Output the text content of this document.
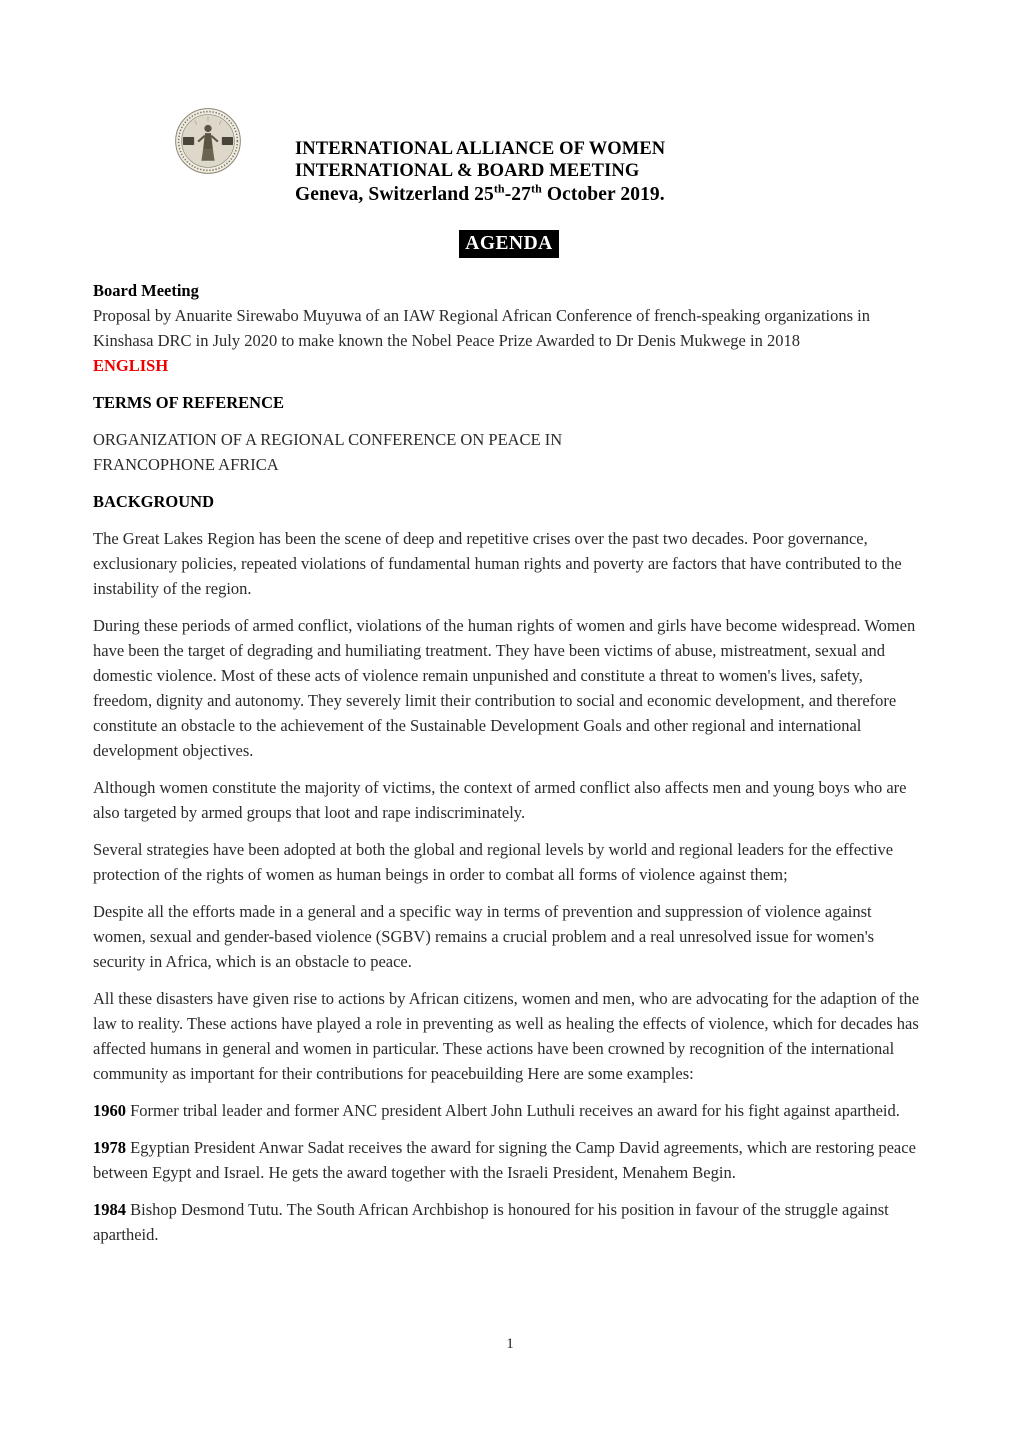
INTERNATIONAL ALLIANCE OF WOMEN
INTERNATIONAL & BOARD MEETING
Geneva, Switzerland 25th-27th October 2019.
AGENDA

Board Meeting

Proposal by Anuarite Sirewabo Muyuwa of an IAW Regional African Conference of french-speaking organizations in Kinshasa DRC in July 2020 to make known the Nobel Peace Prize Awarded to Dr Denis Mukwege in 2018

ENGLISH

TERMS OF REFERENCE

ORGANIZATION OF A REGIONAL CONFERENCE ON PEACE IN
FRANCOPHONE AFRICA

BACKGROUND

The Great Lakes Region has been the scene of deep and repetitive crises over the past two decades. Poor governance, exclusionary policies, repeated violations of fundamental human rights and poverty are factors that have contributed to the instability of the region.

During these periods of armed conflict, violations of the human rights of women and girls have become widespread. Women have been the target of degrading and humiliating treatment. They have been victims of abuse, mistreatment, sexual and domestic violence. Most of these acts of violence remain unpunished and constitute a threat to women's lives, safety, freedom, dignity and autonomy. They severely limit their contribution to social and economic development, and therefore constitute an obstacle to the achievement of the Sustainable Development Goals and other regional and international development objectives.

Although women constitute the majority of victims, the context of armed conflict also affects men and young boys who are also targeted by armed groups that loot and rape indiscriminately.

Several strategies have been adopted at both the global and regional levels by world and regional leaders for the effective protection of the rights of women as human beings in order to combat all forms of violence against them;

Despite all the efforts made in a general and a specific way in terms of prevention and suppression of violence against women, sexual and gender-based violence (SGBV) remains a crucial problem and a real unresolved issue for women's security in Africa, which is an obstacle to peace.

All these disasters have given rise to actions by African citizens, women and men, who are advocating for the adaption of the law to reality. These actions have played a role in preventing as well as healing the effects of violence, which for decades has affected humans in general and women in particular. These actions have been crowned by recognition of the international community as important for their contributions for peacebuilding Here are some examples:

1960 Former tribal leader and former ANC president Albert John Luthuli receives an award for his fight against apartheid.

1978 Egyptian President Anwar Sadat receives the award for signing the Camp David agreements, which are restoring peace between Egypt and Israel. He gets the award together with the Israeli President, Menahem Begin.

1984 Bishop Desmond Tutu. The South African Archbishop is honoured for his position in favour of the struggle against apartheid.

1
